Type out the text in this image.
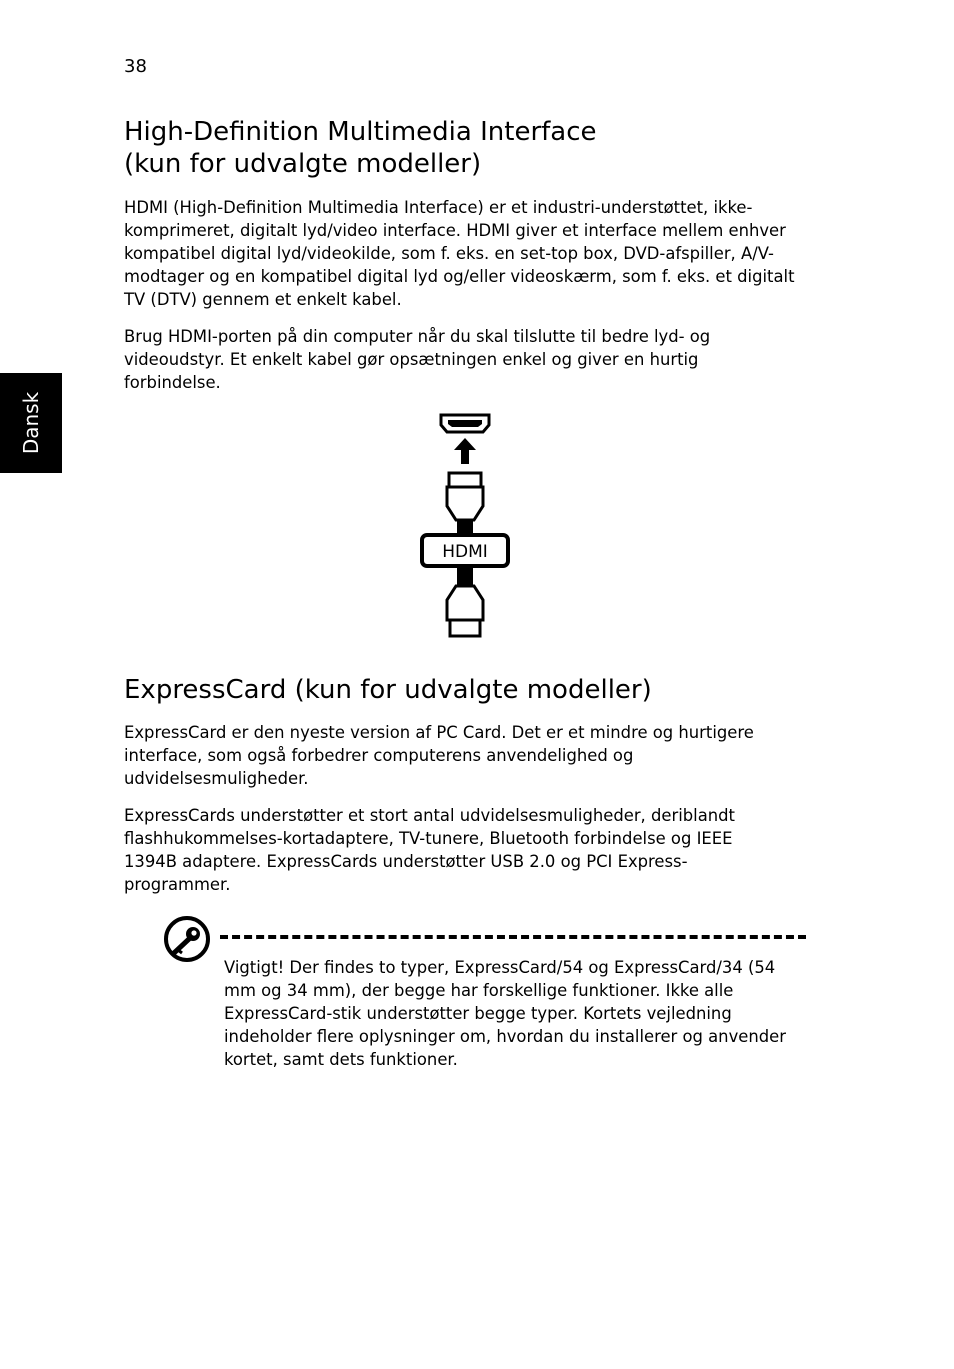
38
Dansk
High-Definition Multimedia Interface
(kun for udvalgte modeller)

HDMI (High-Definition Multimedia Interface) er et industri-understøttet, ikke-komprimeret, digitalt lyd/video interface. HDMI giver et interface mellem enhver kompatibel digital lyd/videokilde, som f. eks. en set-top box, DVD-afspiller, A/V-modtager og en kompatibel digital lyd og/eller videoskærm, som f. eks. et digitalt TV (DTV) gennem et enkelt kabel.

Brug HDMI-porten på din computer når du skal tilslutte til bedre lyd- og videoudstyr. Et enkelt kabel gør opsætningen enkel og giver en hurtig forbindelse.

HDMI
ExpressCard (kun for udvalgte modeller)

ExpressCard er den nyeste version af PC Card. Det er et mindre og hurtigere interface, som også forbedrer computerens anvendelighed og udvidelsesmuligheder.

ExpressCards understøtter et stort antal udvidelsesmuligheder, deriblandt flashhukommelses-kortadaptere, TV-tunere, Bluetooth forbindelse og IEEE 1394B adaptere. ExpressCards understøtter USB 2.0 og PCI Express-programmer.

Vigtigt! Der findes to typer, ExpressCard/54 og ExpressCard/34 (54 mm og 34 mm), der begge har forskellige funktioner. Ikke alle ExpressCard-stik understøtter begge typer. Kortets vejledning indeholder flere oplysninger om, hvordan du installerer og anvender kortet, samt dets funktioner.
